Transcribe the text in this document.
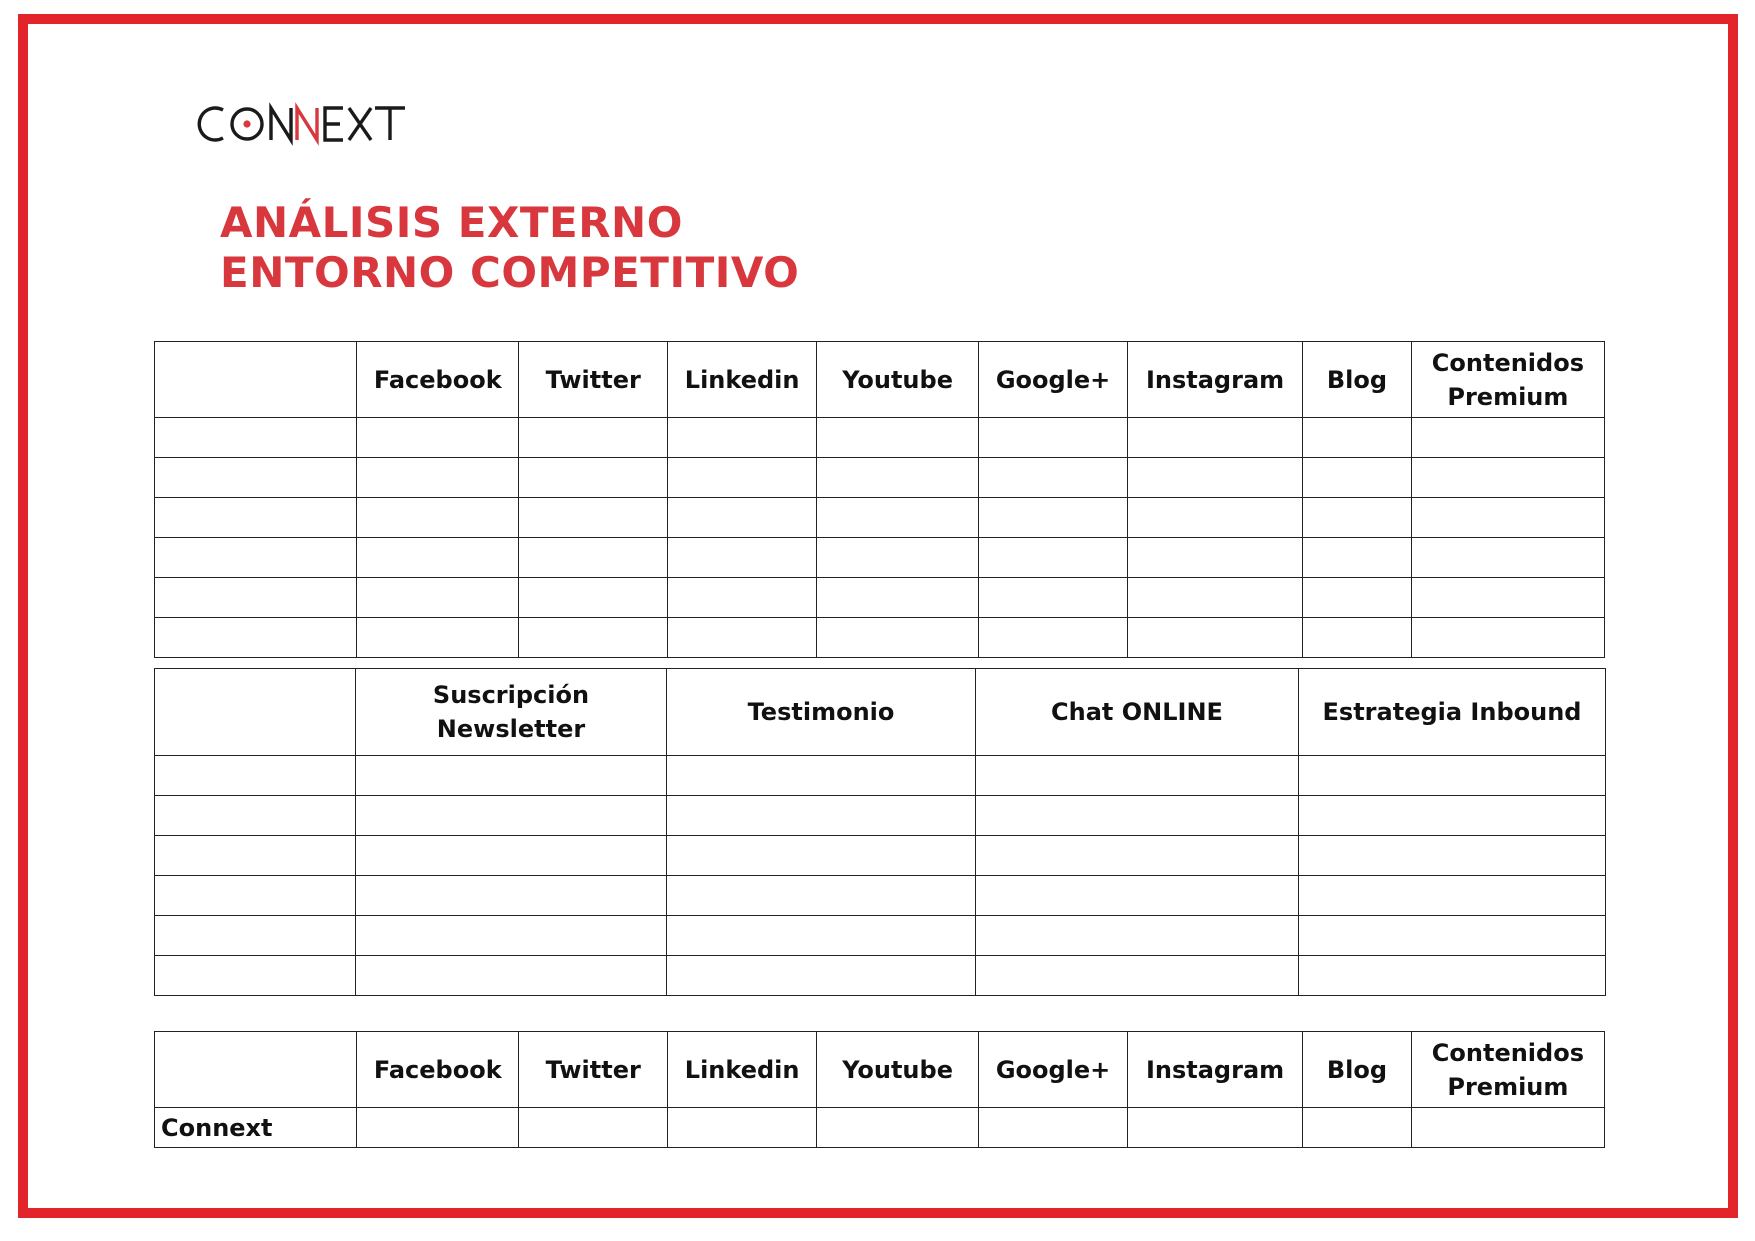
ANÁLISIS EXTERNO
ENTORNO COMPETITIVO
	Facebook	Twitter	Linkedin	Youtube	Google+	Instagram	Blog	Contenidos Premium

	Suscripción Newsletter	Testimonio	Chat ONLINE	Estrategia Inbound

	Facebook	Twitter	Linkedin	Youtube	Google+	Instagram	Blog	Contenidos Premium
Connext								
